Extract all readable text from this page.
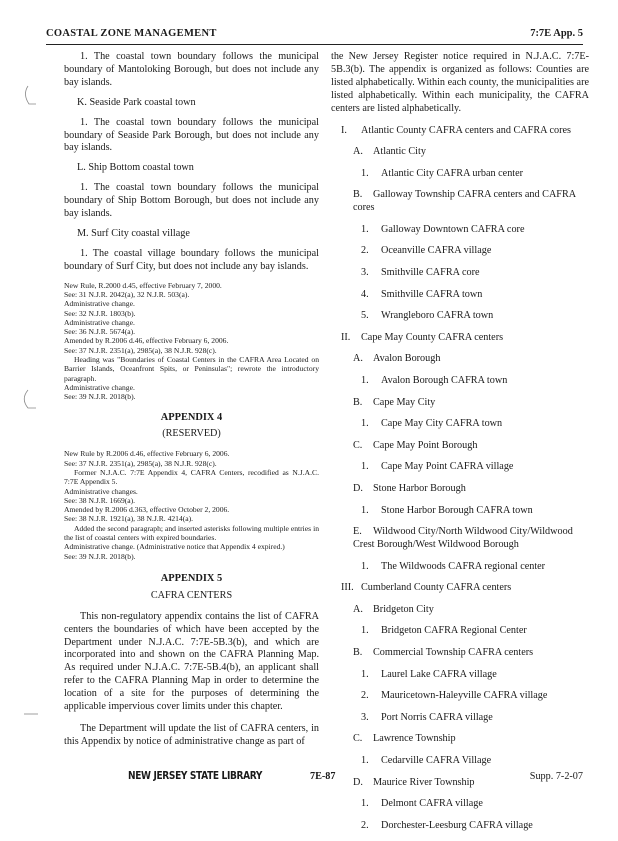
COASTAL ZONE MANAGEMENT	7:7E App. 5

1. The coastal town boundary follows the municipal boundary of Mantoloking Borough, but does not include any bay islands.

K. Seaside Park coastal town

1. The coastal town boundary follows the municipal boundary of Seaside Park Borough, but does not include any bay islands.

L. Ship Bottom coastal town

1. The coastal town boundary follows the municipal boundary of Ship Bottom Borough, but does not include any bay islands.

M. Surf City coastal village

1. The coastal village boundary follows the municipal boundary of Surf City, but does not include any bay islands.

New Rule, R.2000 d.45, effective February 7, 2000.
See: 31 N.J.R. 2042(a), 32 N.J.R. 503(a).
Administrative change.
See: 32 N.J.R. 1803(b).
Administrative change.
See: 36 N.J.R. 5674(a).
Amended by R.2006 d.46, effective February 6, 2006.
See: 37 N.J.R. 2351(a), 2985(a), 38 N.J.R. 928(c).
Heading was "Boundaries of Coastal Centers in the CAFRA Area Located on Barrier Islands, Oceanfront Spits, or Peninsulas"; rewrote the introductory paragraph.
Administrative change.
See: 39 N.J.R. 2018(b).
APPENDIX 4
(RESERVED)
New Rule by R.2006 d.46, effective February 6, 2006.
See: 37 N.J.R. 2351(a), 2985(a), 38 N.J.R. 928(c).
Former N.J.A.C. 7:7E Appendix 4, CAFRA Centers, recodified as N.J.A.C. 7:7E Appendix 5.
Administrative changes.
See: 38 N.J.R. 1669(a).
Amended by R.2006 d.363, effective October 2, 2006.
See: 38 N.J.R. 1921(a), 38 N.J.R. 4214(a).
Added the second paragraph; and inserted asterisks following multiple entries in the list of coastal centers with expired boundaries.
Administrative change. (Administrative notice that Appendix 4 expired.)
See: 39 N.J.R. 2018(b).
APPENDIX 5
CAFRA CENTERS

This non-regulatory appendix contains the list of CAFRA centers the boundaries of which have been accepted by the Department under N.J.A.C. 7:7E-5B.3(b), and which are incorporated into and shown on the CAFRA Planning Map. As required under N.J.A.C. 7:7E-5B.4(b), an applicant shall refer to the CAFRA Planning Map in order to determine the location of a site for the purposes of determining the applicable impervious cover limits under this chapter.

The Department will update the list of CAFRA centers, in this Appendix by notice of administrative change as part of

the New Jersey Register notice required in N.J.A.C. 7:7E-5B.3(b). The appendix is organized as follows: Counties are listed alphabetically. Within each county, the municipalities are listed alphabetically. Within each municipality, the CAFRA centers are listed alphabetically.

I. Atlantic County CAFRA centers and CAFRA cores
A. Atlantic City
1. Atlantic City CAFRA urban center
B. Galloway Township CAFRA centers and CAFRA cores
1. Galloway Downtown CAFRA core
2. Oceanville CAFRA village
3. Smithville CAFRA core
4. Smithville CAFRA town
5. Wrangleboro CAFRA town
II. Cape May County CAFRA centers
A. Avalon Borough
1. Avalon Borough CAFRA town
B. Cape May City
1. Cape May City CAFRA town
C. Cape May Point Borough
1. Cape May Point CAFRA village
D. Stone Harbor Borough
1. Stone Harbor Borough CAFRA town
E. Wildwood City/North Wildwood City/Wildwood Crest Borough/West Wildwood Borough
1. The Wildwoods CAFRA regional center
III. Cumberland County CAFRA centers
A. Bridgeton City
1. Bridgeton CAFRA Regional Center
B. Commercial Township CAFRA centers
1. Laurel Lake CAFRA village
2. Mauricetown-Haleyville CAFRA village
3. Port Norris CAFRA village
C. Lawrence Township
1. Cedarville CAFRA Village
D. Maurice River Township
1. Delmont CAFRA village
2. Dorchester-Leesburg CAFRA village
NEW JERSEY STATE LIBRARY	7E-87	Supp. 7-2-07
